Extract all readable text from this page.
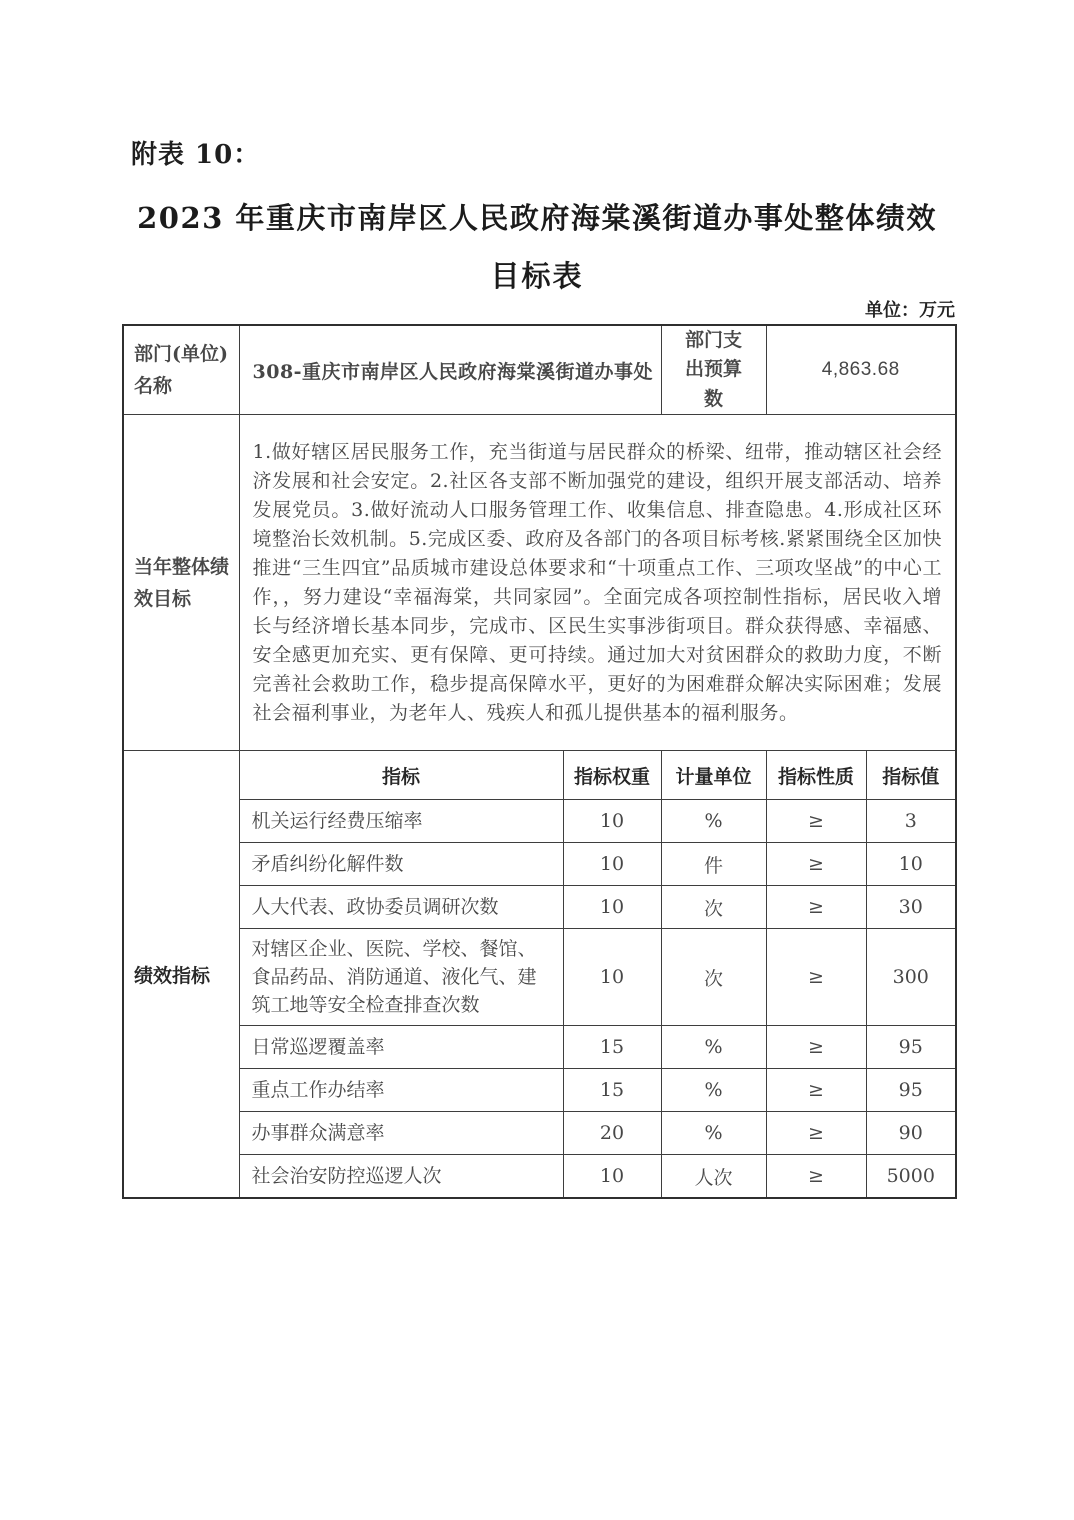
附表 10：
2023 年重庆市南岸区人民政府海棠溪街道办事处整体绩效
目标表
单位：万元
部门(单位)名称	308-重庆市南岸区人民政府海棠溪街道办事处		部门支出预算数	4,863.68	
当年整体绩效目标	1.做好辖区居民服务工作，充当街道与居民群众的桥梁、纽带，推动辖区社会经济发展和社会安定。2.社区各支部不断加强党的建设，组织开展支部活动、培养发展党员。3.做好流动人口服务管理工作、收集信息、排查隐患。4.形成社区环境整治长效机制。5.完成区委、政府及各部门的各项目标考核.紧紧围绕全区加快推进“三生四宜”品质城市建设总体要求和“十项重点工作、三项攻坚战”的中心工作，，努力建设“幸福海棠，共同家园”。全面完成各项控制性指标，居民收入增长与经济增长基本同步，完成市、区民生实事涉街项目。群众获得感、幸福感、安全感更加充实、更有保障、更可持续。通过加大对贫困群众的救助力度，不断完善社会救助工作，稳步提高保障水平，更好的为困难群众解决实际困难；发展社会福利事业，为老年人、残疾人和孤儿提供基本的福利服务。				
绩效指标	指标	指标权重	计量单位	指标性质	指标值
	机关运行经费压缩率	10	%	≥	3
	矛盾纠纷化解件数	10	件	≥	10
	人大代表、政协委员调研次数	10	次	≥	30
	对辖区企业、医院、学校、餐馆、食品药品、消防通道、液化气、建筑工地等安全检查排查次数	10	次	≥	300
	日常巡逻覆盖率	15	%	≥	95
	重点工作办结率	15	%	≥	95
	办事群众满意率	20	%	≥	90
	社会治安防控巡逻人次	10	人次	≥	5000
